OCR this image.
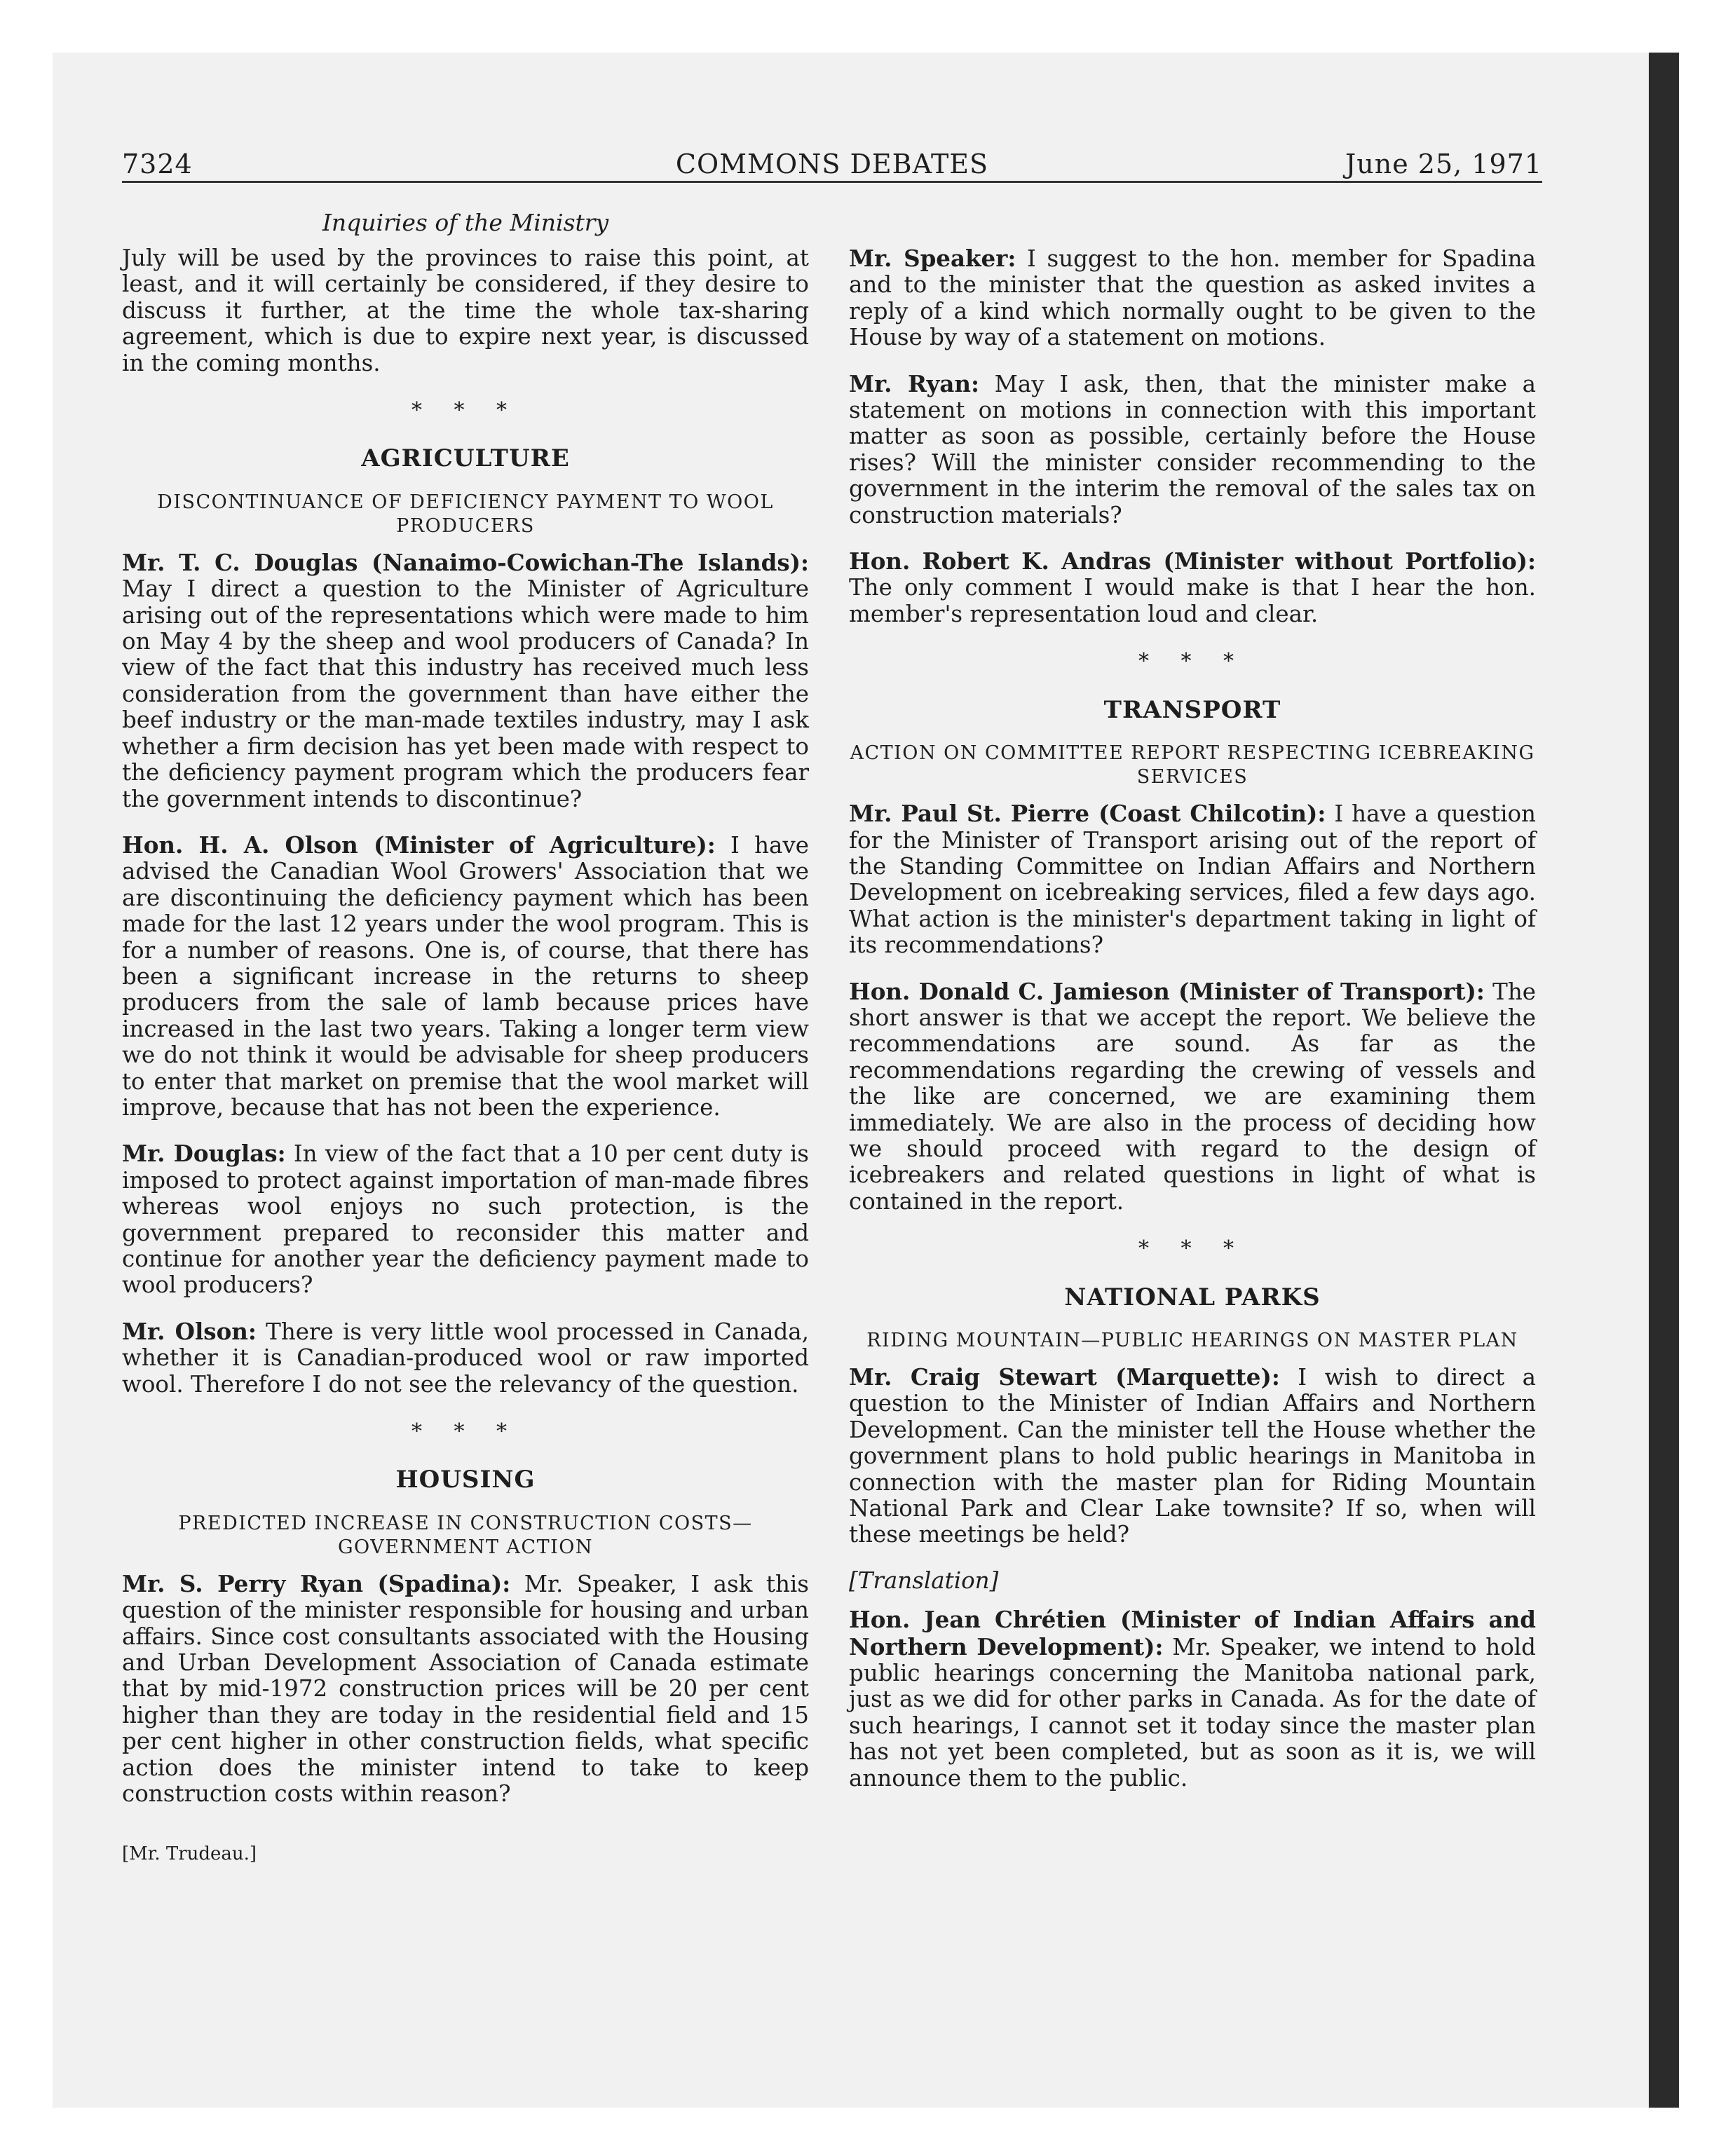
7324	COMMONS DEBATES	June 25, 1971
Inquiries of the Ministry

July will be used by the provinces to raise this point, at least, and it will certainly be considered, if they desire to discuss it further, at the time the whole tax-sharing agreement, which is due to expire next year, is discussed in the coming months.

* * *
AGRICULTURE
DISCONTINUANCE OF DEFICIENCY PAYMENT TO WOOL PRODUCERS

Mr. T. C. Douglas (Nanaimo-Cowichan-The Islands): May I direct a question to the Minister of Agriculture arising out of the representations which were made to him on May 4 by the sheep and wool producers of Canada? In view of the fact that this industry has received much less consideration from the government than have either the beef industry or the man-made textiles industry, may I ask whether a firm decision has yet been made with respect to the deficiency payment program which the producers fear the government intends to discontinue?

Hon. H. A. Olson (Minister of Agriculture): I have advised the Canadian Wool Growers' Association that we are discontinuing the deficiency payment which has been made for the last 12 years under the wool program. This is for a number of reasons. One is, of course, that there has been a significant increase in the returns to sheep producers from the sale of lamb because prices have increased in the last two years. Taking a longer term view we do not think it would be advisable for sheep producers to enter that market on premise that the wool market will improve, because that has not been the experience.

Mr. Douglas: In view of the fact that a 10 per cent duty is imposed to protect against importation of man-made fibres whereas wool enjoys no such protection, is the government prepared to reconsider this matter and continue for another year the deficiency payment made to wool producers?

Mr. Olson: There is very little wool processed in Canada, whether it is Canadian-produced wool or raw imported wool. Therefore I do not see the relevancy of the question.

* * *
HOUSING
PREDICTED INCREASE IN CONSTRUCTION COSTS— GOVERNMENT ACTION

Mr. S. Perry Ryan (Spadina): Mr. Speaker, I ask this question of the minister responsible for housing and urban affairs. Since cost consultants associated with the Housing and Urban Development Association of Canada estimate that by mid-1972 construction prices will be 20 per cent higher than they are today in the residential field and 15 per cent higher in other construction fields, what specific action does the minister intend to take to keep construction costs within reason?

[Mr. Trudeau.]

Mr. Speaker: I suggest to the hon. member for Spadina and to the minister that the question as asked invites a reply of a kind which normally ought to be given to the House by way of a statement on motions.

Mr. Ryan: May I ask, then, that the minister make a statement on motions in connection with this important matter as soon as possible, certainly before the House rises? Will the minister consider recommending to the government in the interim the removal of the sales tax on construction materials?

Hon. Robert K. Andras (Minister without Portfolio): The only comment I would make is that I hear the hon. member's representation loud and clear.

* * *
TRANSPORT
ACTION ON COMMITTEE REPORT RESPECTING ICEBREAKING SERVICES

Mr. Paul St. Pierre (Coast Chilcotin): I have a question for the Minister of Transport arising out of the report of the Standing Committee on Indian Affairs and Northern Development on icebreaking services, filed a few days ago. What action is the minister's department taking in light of its recommendations?

Hon. Donald C. Jamieson (Minister of Transport): The short answer is that we accept the report. We believe the recommendations are sound. As far as the recommendations regarding the crewing of vessels and the like are concerned, we are examining them immediately. We are also in the process of deciding how we should proceed with regard to the design of icebreakers and related questions in light of what is contained in the report.

* * *
NATIONAL PARKS
RIDING MOUNTAIN—PUBLIC HEARINGS ON MASTER PLAN

Mr. Craig Stewart (Marquette): I wish to direct a question to the Minister of Indian Affairs and Northern Development. Can the minister tell the House whether the government plans to hold public hearings in Manitoba in connection with the master plan for Riding Mountain National Park and Clear Lake townsite? If so, when will these meetings be held?

[Translation]

Hon. Jean Chrétien (Minister of Indian Affairs and Northern Development): Mr. Speaker, we intend to hold public hearings concerning the Manitoba national park, just as we did for other parks in Canada. As for the date of such hearings, I cannot set it today since the master plan has not yet been completed, but as soon as it is, we will announce them to the public.
